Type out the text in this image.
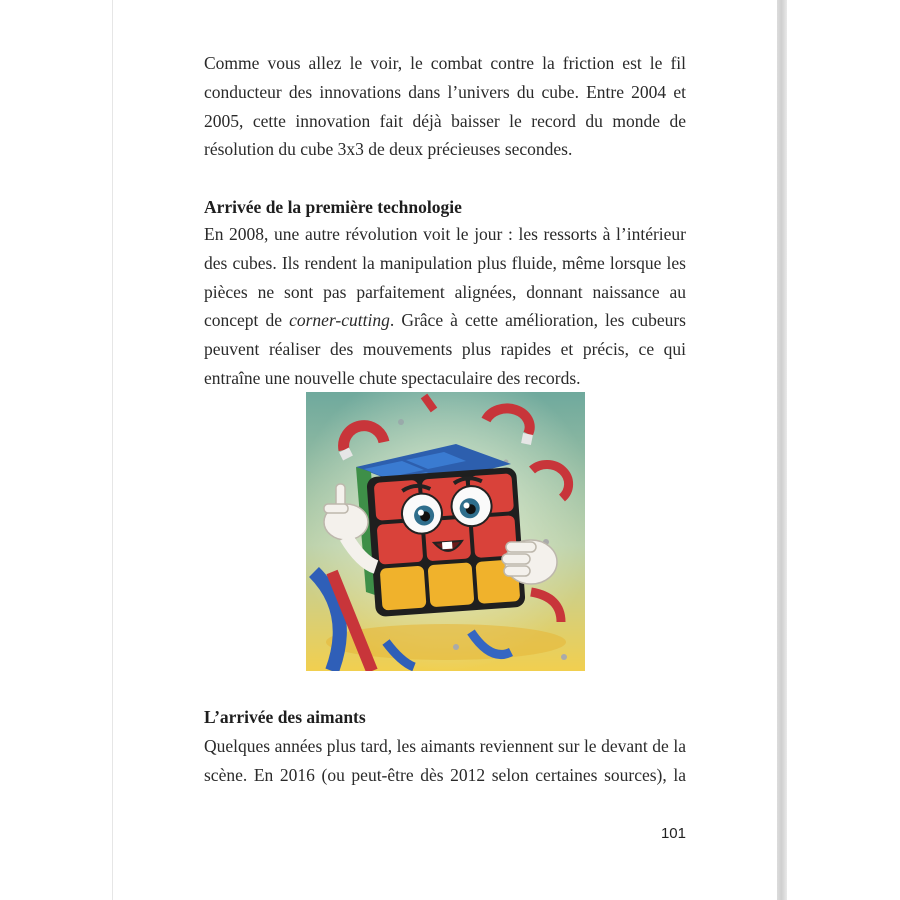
Comme vous allez le voir, le combat contre la friction est le fil
conducteur des innovations dans l’univers du cube. Entre 2004 et
2005, cette innovation fait déjà baisser le record du monde de
résolution du cube 3x3 de deux précieuses secondes.
Arrivée de la première technologie
En 2008, une autre révolution voit le jour : les ressorts à l’intérieur
des cubes. Ils rendent la manipulation plus fluide, même lorsque les
pièces ne sont pas parfaitement alignées, donnant naissance au
concept de corner-cutting. Grâce à cette amélioration, les cubeurs
peuvent réaliser des mouvements plus rapides et précis, ce qui
entraîne une nouvelle chute spectaculaire des records.
L’arrivée des aimants
Quelques années plus tard, les aimants reviennent sur le devant de la
scène. En 2016 (ou peut-être dès 2012 selon certaines sources), la
101
